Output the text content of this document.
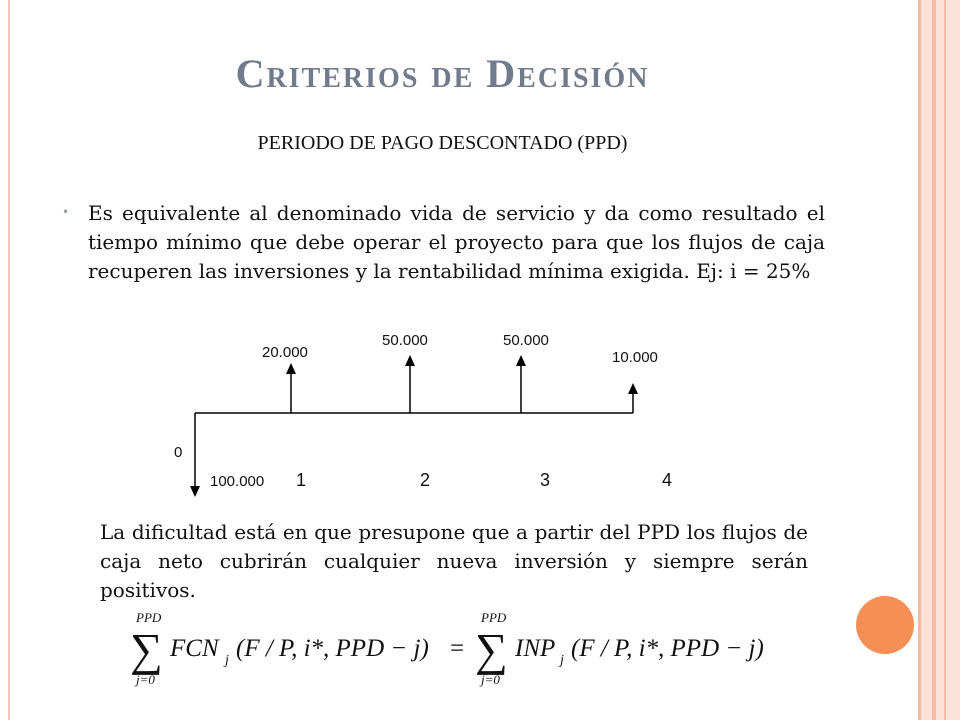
Criterios de Decisión
PERIODO DE PAGO DESCONTADO (PPD)
• Es equivalente al denominado vida de servicio y da como resultado el tiempo mínimo que debe operar el proyecto para que los flujos de caja recuperen las inversiones y la rentabilidad mínima exigida. Ej: i = 25%
20.000
50.000	50.000
10.000
0
100.000 1	2	3	4
La dificultad está en que presupone que a partir del PPD los flujos de caja neto cubrirán cualquier nueva inversión y siempre serán positivos.
PPD
∑
j=0
FCN j (F / P, i*, PPD − j) =
PPD
∑
j=0
INP j (F / P, i*, PPD − j)
